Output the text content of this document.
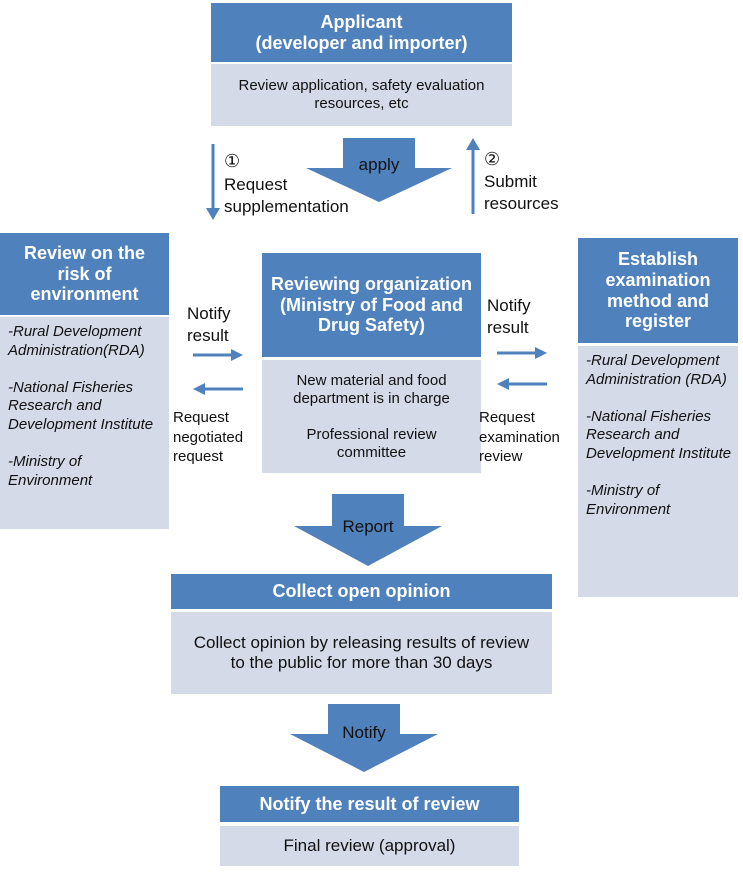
Applicant
(developer and importer)
Review application, safety evaluation resources, etc
①
Request
supplementation
apply	②
Submit
resources
Review on the risk of environment

-Rural Development Administration(RDA)

-National Fisheries Research and Development Institute

-Ministry of Environment

Reviewing organization (Ministry of Food and Drug Safety)
New material and food department is in charge
Professional review committee
Notify
result
Request
negotiated
request
Notify
result
Request
examination
review
Establish examination method and register

-Rural Development Administration (RDA)

-National Fisheries Research and Development Institute

-Ministry of Environment

Report
Collect open opinion
Collect opinion by releasing results of review to the public for more than 30 days
Notify
Notify the result of review
Final review (approval)
